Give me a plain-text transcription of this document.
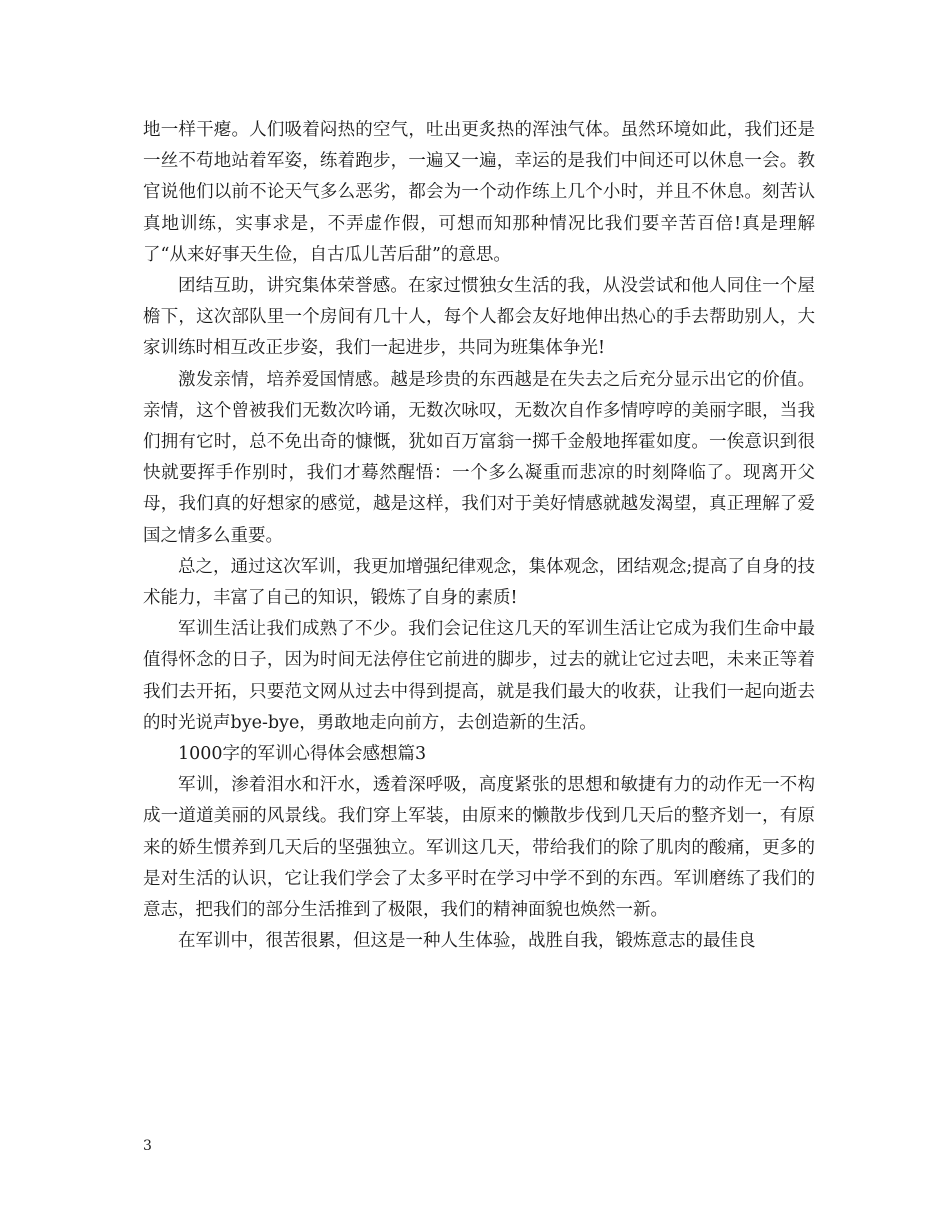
地一样干瘪。人们吸着闷热的空气，吐出更炙热的浑浊气体。虽然环境如此，我们还是一丝不苟地站着军姿，练着跑步，一遍又一遍，幸运的是我们中间还可以休息一会。教官说他们以前不论天气多么恶劣，都会为一个动作练上几个小时，并且不休息。刻苦认真地训练，实事求是，不弄虚作假，可想而知那种情况比我们要辛苦百倍!真是理解了“从来好事天生俭，自古瓜儿苦后甜”的意思。

团结互助，讲究集体荣誉感。在家过惯独女生活的我，从没尝试和他人同住一个屋檐下，这次部队里一个房间有几十人，每个人都会友好地伸出热心的手去帮助别人，大家训练时相互改正步姿，我们一起进步，共同为班集体争光!

激发亲情，培养爱国情感。越是珍贵的东西越是在失去之后充分显示出它的价值。亲情，这个曾被我们无数次吟诵，无数次咏叹，无数次自作多情哼哼的美丽字眼，当我们拥有它时，总不免出奇的慷慨，犹如百万富翁一掷千金般地挥霍如度。一俟意识到很快就要挥手作别时，我们才蓦然醒悟：一个多么凝重而悲凉的时刻降临了。现离开父母，我们真的好想家的感觉，越是这样，我们对于美好情感就越发渴望，真正理解了爱国之情多么重要。

总之，通过这次军训，我更加增强纪律观念，集体观念，团结观念;提高了自身的技术能力，丰富了自己的知识，锻炼了自身的素质!

军训生活让我们成熟了不少。我们会记住这几天的军训生活让它成为我们生命中最值得怀念的日子，因为时间无法停住它前进的脚步，过去的就让它过去吧，未来正等着我们去开拓，只要范文网从过去中得到提高，就是我们最大的收获，让我们一起向逝去的时光说声bye-bye，勇敢地走向前方，去创造新的生活。

1000字的军训心得体会感想篇3

军训，渗着泪水和汗水，透着深呼吸，高度紧张的思想和敏捷有力的动作无一不构成一道道美丽的风景线。我们穿上军装，由原来的懒散步伐到几天后的整齐划一，有原来的娇生惯养到几天后的坚强独立。军训这几天，带给我们的除了肌肉的酸痛，更多的是对生活的认识，它让我们学会了太多平时在学习中学不到的东西。军训磨练了我们的意志，把我们的部分生活推到了极限，我们的精神面貌也焕然一新。

在军训中，很苦很累，但这是一种人生体验，战胜自我，锻炼意志的最佳良

3
